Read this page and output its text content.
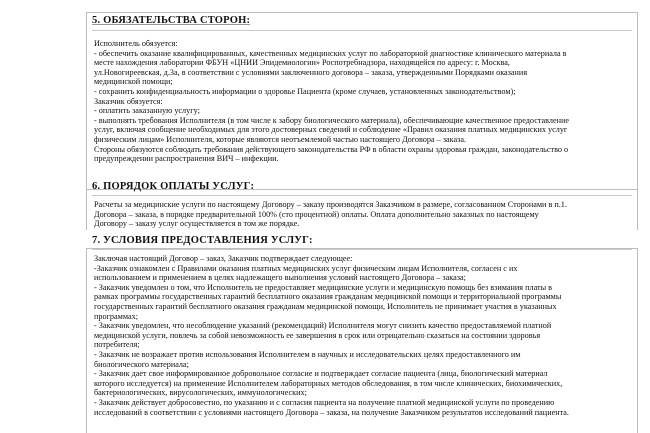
5. ОБЯЗАТЕЛЬСТВА СТОРОН:
Исполнитель обязуется:
- обеспечить оказание квалифицированных, качественных медицинских услуг по лабораторной диагностике клинического материала в
месте нахождения лаборатории ФБУН «ЦНИИ Эпидемиологии» Роспотребнадзора, находящейся по адресу: г. Москва,
ул.Новогиреевская, д.3а, в соответствии с условиями заключенного договора – заказа, утвержденными Порядками оказания
медицинской помощи;
- сохранить конфиденциальность информации о здоровье Пациента (кроме случаев, установленных законодательством);
Заказчик обязуется:
- оплатить заказанную услугу;
- выполнять требования Исполнителя (в том числе к забору биологического материала), обеспечивающие качественное предоставление
услуг, включая сообщение необходимых для этого достоверных сведений и соблюдение «Правил оказания платных медицинских услуг
физическим лицам» Исполнителя, которые являются неотъемлемой частью настоящего Договора – заказа.
Стороны обязуются соблюдать требования действующего законодательства РФ в области охраны здоровья граждан, законодательство о
предупреждении распространения ВИЧ – инфекции.
6. ПОРЯДОК ОПЛАТЫ УСЛУГ:
Расчеты за медицинские услуги по настоящему Договору – заказу производятся Заказчиком в размере, согласованном Сторонами в п.1.
Договора – заказа, в порядке предварительной 100% (сто процентной) оплаты. Оплата дополнительно заказных по настоящему
Договору – заказу услуг осуществляется в том же порядке.
7. УСЛОВИЯ ПРЕДОСТАВЛЕНИЯ УСЛУГ:
Заключая настоящий Договор – заказ, Заказчик подтверждает следующее:
-Заказчик ознакомлен с Правилами оказания платных медицинских услуг физическим лицам Исполнителя, согласен с их
использованием и применением в целях надлежащего выполнения условий настоящего Договора – заказа;
- Заказчик уведомлен о том, что Исполнитель не предоставляет медицинские услуги и медицинскую помощь без взимания платы в
рамках программы государственных гарантий бесплатного оказания гражданам медицинской помощи и территориальной программы
государственных гарантий бесплатного оказания гражданам медицинской помощи, Исполнитель не принимает участия в указанных
программах;
- Заказчик уведомлен, что несоблюдение указаний (рекомендаций) Исполнителя могут снизить качество предоставляемой платной
медицинской услуги, повлечь за собой невозможность ее завершения в срок или отрицательно сказаться на состоянии здоровья
потребителя;
- Заказчик не возражает против использования Исполнителем в научных и исследовательских целях предоставленного им
биологического материала;
- Заказчик дает свое информированное добровольное согласие и подтверждает согласие пациента (лица, биологический материал
которого исследуется) на применение Исполнителем лабораторных методов обследования, в том числе клинических, биохимических,
бактериологических, вирусологических, иммунологических;
- Заказчик действует добросовестно, по указанию и с согласия пациента на получение платной медицинской услуги по проведению
исследований в соответствии с условиями настоящего Договора – заказа, на получение Заказчиком результатов исследований пациента.
